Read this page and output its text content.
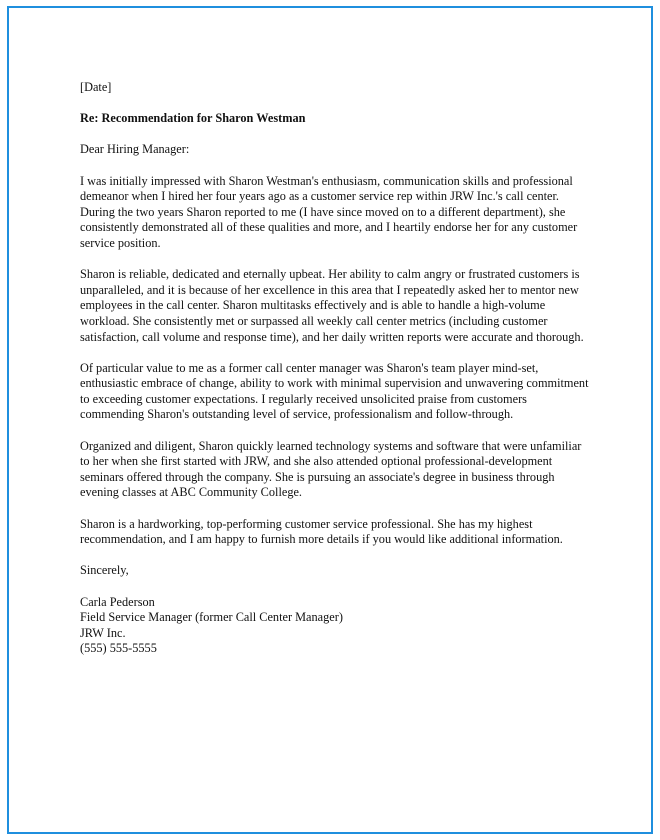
[Date]

Re: Recommendation for Sharon Westman

Dear Hiring Manager:

I was initially impressed with Sharon Westman's enthusiasm, communication skills and professional demeanor when I hired her four years ago as a customer service rep within JRW Inc.'s call center. During the two years Sharon reported to me (I have since moved on to a different department), she consistently demonstrated all of these qualities and more, and I heartily endorse her for any customer service position.

Sharon is reliable, dedicated and eternally upbeat. Her ability to calm angry or frustrated customers is unparalleled, and it is because of her excellence in this area that I repeatedly asked her to mentor new employees in the call center. Sharon multitasks effectively and is able to handle a high-volume workload. She consistently met or surpassed all weekly call center metrics (including customer satisfaction, call volume and response time), and her daily written reports were accurate and thorough.

Of particular value to me as a former call center manager was Sharon's team player mind-set, enthusiastic embrace of change, ability to work with minimal supervision and unwavering commitment to exceeding customer expectations. I regularly received unsolicited praise from customers commending Sharon's outstanding level of service, professionalism and follow-through.

Organized and diligent, Sharon quickly learned technology systems and software that were unfamiliar to her when she first started with JRW, and she also attended optional professional-development seminars offered through the company. She is pursuing an associate's degree in business through evening classes at ABC Community College.

Sharon is a hardworking, top-performing customer service professional. She has my highest recommendation, and I am happy to furnish more details if you would like additional information.

Sincerely,

Carla Pederson
Field Service Manager (former Call Center Manager)
JRW Inc.
(555) 555-5555
